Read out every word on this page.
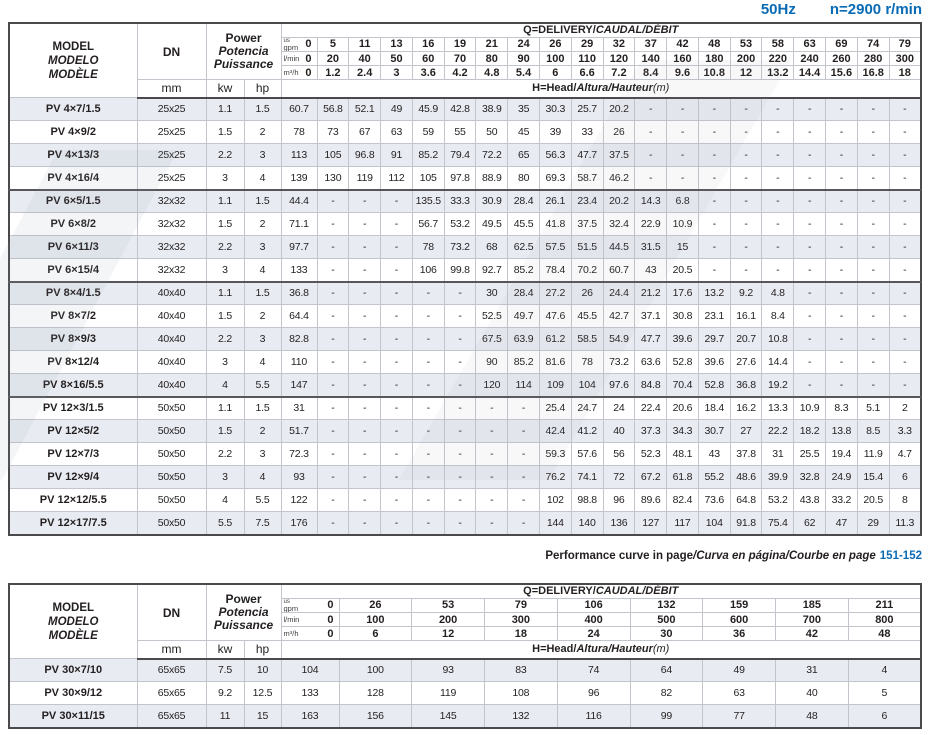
50Hz n=2900 r/min
MODEL
MODELO
MODÈLE
	DN	
Power
Potencia
Puissance
	Q=DELIVERY/CAUDAL/DÉBIT

				us
gpm 0	5	11	13	16	19	21	24	26	29	32	37	42	48	53	58	63	69	74	79

				l/min 0	20	40	50	60	70	80	90	100	110	120	140	160	180	200	220	240	260	280	300

				m³/h 0	1.2	2.4	3	3.6	4.2	4.8	5.4	6	6.6	7.2	8.4	9.6	10.8	12	13.2	14.4	15.6	16.8	18
	mm	kw	hp	H=Head/Altura/Hauteur(m)																			
PV 4×7/1.5	25x25	1.1	1.5	60.7	56.8	52.1	49	45.9	42.8	38.9	35	30.3	25.7	20.2	-	-	-	-	-	-	-	-	-
PV 4×9/2	25x25	1.5	2	78	73	67	63	59	55	50	45	39	33	26	-	-	-	-	-	-	-	-	-
PV 4×13/3	25x25	2.2	3	113	105	96.8	91	85.2	79.4	72.2	65	56.3	47.7	37.5	-	-	-	-	-	-	-	-	-
PV 4×16/4	25x25	3	4	139	130	119	112	105	97.8	88.9	80	69.3	58.7	46.2	-	-	-	-	-	-	-	-	-
PV 6×5/1.5	32x32	1.1	1.5	44.4	-	-	-	135.5	33.3	30.9	28.4	26.1	23.4	20.2	14.3	6.8	-	-	-	-	-	-	-
PV 6×8/2	32x32	1.5	2	71.1	-	-	-	56.7	53.2	49.5	45.5	41.8	37.5	32.4	22.9	10.9	-	-	-	-	-	-	-
PV 6×11/3	32x32	2.2	3	97.7	-	-	-	78	73.2	68	62.5	57.5	51.5	44.5	31.5	15	-	-	-	-	-	-	-
PV 6×15/4	32x32	3	4	133	-	-	-	106	99.8	92.7	85.2	78.4	70.2	60.7	43	20.5	-	-	-	-	-	-	-
PV 8×4/1.5	40x40	1.1	1.5	36.8	-	-	-	-	-	30	28.4	27.2	26	24.4	21.2	17.6	13.2	9.2	4.8	-	-	-	-
PV 8×7/2	40x40	1.5	2	64.4	-	-	-	-	-	52.5	49.7	47.6	45.5	42.7	37.1	30.8	23.1	16.1	8.4	-	-	-	-
PV 8×9/3	40x40	2.2	3	82.8	-	-	-	-	-	67.5	63.9	61.2	58.5	54.9	47.7	39.6	29.7	20.7	10.8	-	-	-	-
PV 8×12/4	40x40	3	4	110	-	-	-	-	-	90	85.2	81.6	78	73.2	63.6	52.8	39.6	27.6	14.4	-	-	-	-
PV 8×16/5.5	40x40	4	5.5	147	-	-	-	-	-	120	114	109	104	97.6	84.8	70.4	52.8	36.8	19.2	-	-	-	-
PV 12×3/1.5	50x50	1.1	1.5	31	-	-	-	-	-	-	-	25.4	24.7	24	22.4	20.6	18.4	16.2	13.3	10.9	8.3	5.1	2
PV 12×5/2	50x50	1.5	2	51.7	-	-	-	-	-	-	-	42.4	41.2	40	37.3	34.3	30.7	27	22.2	18.2	13.8	8.5	3.3
PV 12×7/3	50x50	2.2	3	72.3	-	-	-	-	-	-	-	59.3	57.6	56	52.3	48.1	43	37.8	31	25.5	19.4	11.9	4.7
PV 12×9/4	50x50	3	4	93	-	-	-	-	-	-	-	76.2	74.1	72	67.2	61.8	55.2	48.6	39.9	32.8	24.9	15.4	6
PV 12×12/5.5	50x50	4	5.5	122	-	-	-	-	-	-	-	102	98.8	96	89.6	82.4	73.6	64.8	53.2	43.8	33.2	20.5	8
PV 12×17/7.5	50x50	5.5	7.5	176	-	-	-	-	-	-	-	144	140	136	127	117	104	91.8	75.4	62	47	29	11.3
Performance curve in page/Curva en página/Courbe en page 151-152
MODEL
MODELO
MODÈLE
	DN	
Power
Potencia
Puissance
	Q=DELIVERY/CAUDAL/DÉBIT

				us
gpm 0	26	53	79	106	132	159	185	211

				l/min 0	100	200	300	400	500	600	700	800

				m³/h 0	6	12	18	24	30	36	42	48
	mm	kw	hp	H=Head/Altura/Hauteur(m)								
PV 30×7/10	65x65	7.5	10	104	100	93	83	74	64	49	31	4
PV 30×9/12	65x65	9.2	12.5	133	128	119	108	96	82	63	40	5
PV 30×11/15	65x65	11	15	163	156	145	132	116	99	77	48	6
